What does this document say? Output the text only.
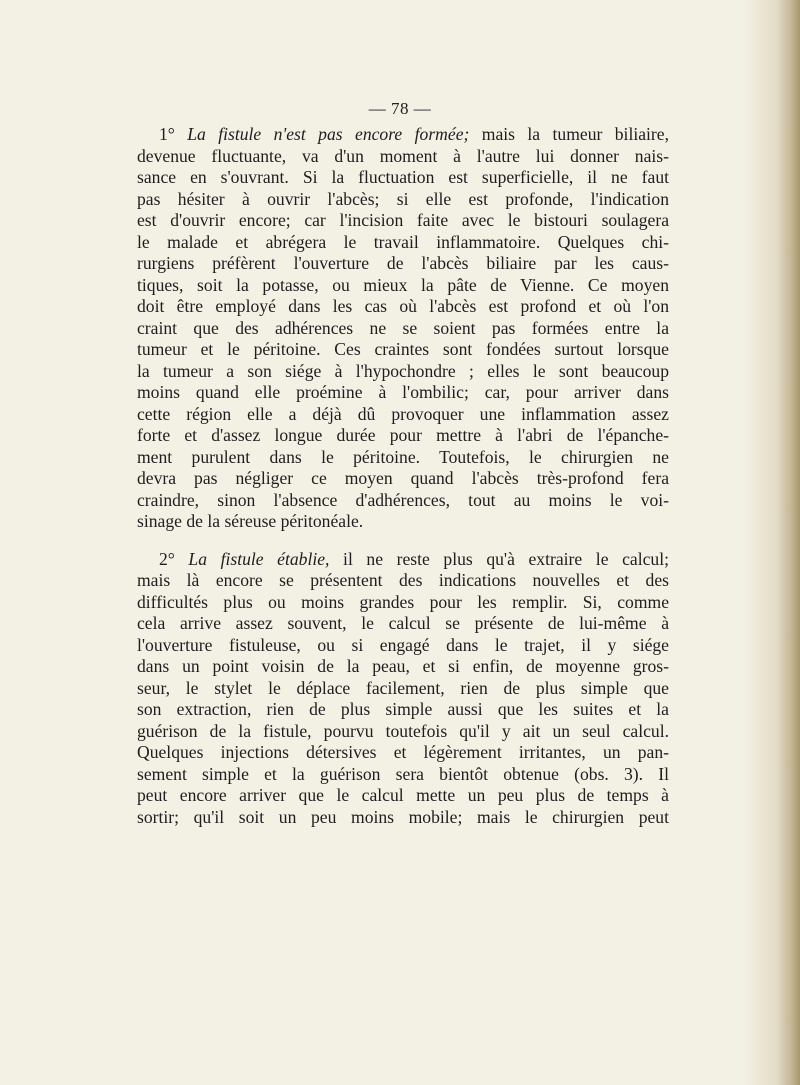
— 78 —
1° La fistule n'est pas encore formée; mais la tumeur biliaire,
devenue fluctuante, va d'un moment à l'autre lui donner nais-
sance en s'ouvrant. Si la fluctuation est superficielle, il ne faut
pas hésiter à ouvrir l'abcès; si elle est profonde, l'indication
est d'ouvrir encore; car l'incision faite avec le bistouri soulagera
le malade et abrégera le travail inflammatoire. Quelques chi-
rurgiens préfèrent l'ouverture de l'abcès biliaire par les caus-
tiques, soit la potasse, ou mieux la pâte de Vienne. Ce moyen
doit être employé dans les cas où l'abcès est profond et où l'on
craint que des adhérences ne se soient pas formées entre la
tumeur et le péritoine. Ces craintes sont fondées surtout lorsque
la tumeur a son siége à l'hypochondre ; elles le sont beaucoup
moins quand elle proémine à l'ombilic; car, pour arriver dans
cette région elle a déjà dû provoquer une inflammation assez
forte et d'assez longue durée pour mettre à l'abri de l'épanche-
ment purulent dans le péritoine. Toutefois, le chirurgien ne
devra pas négliger ce moyen quand l'abcès très-profond fera
craindre, sinon l'absence d'adhérences, tout au moins le voi-
sinage de la séreuse péritonéale.
2° La fistule établie, il ne reste plus qu'à extraire le calcul;
mais là encore se présentent des indications nouvelles et des
difficultés plus ou moins grandes pour les remplir. Si, comme
cela arrive assez souvent, le calcul se présente de lui-même à
l'ouverture fistuleuse, ou si engagé dans le trajet, il y siége
dans un point voisin de la peau, et si enfin, de moyenne gros-
seur, le stylet le déplace facilement, rien de plus simple que
son extraction, rien de plus simple aussi que les suites et la
guérison de la fistule, pourvu toutefois qu'il y ait un seul calcul.
Quelques injections détersives et légèrement irritantes, un pan-
sement simple et la guérison sera bientôt obtenue (obs. 3). Il
peut encore arriver que le calcul mette un peu plus de temps à
sortir; qu'il soit un peu moins mobile; mais le chirurgien peut
